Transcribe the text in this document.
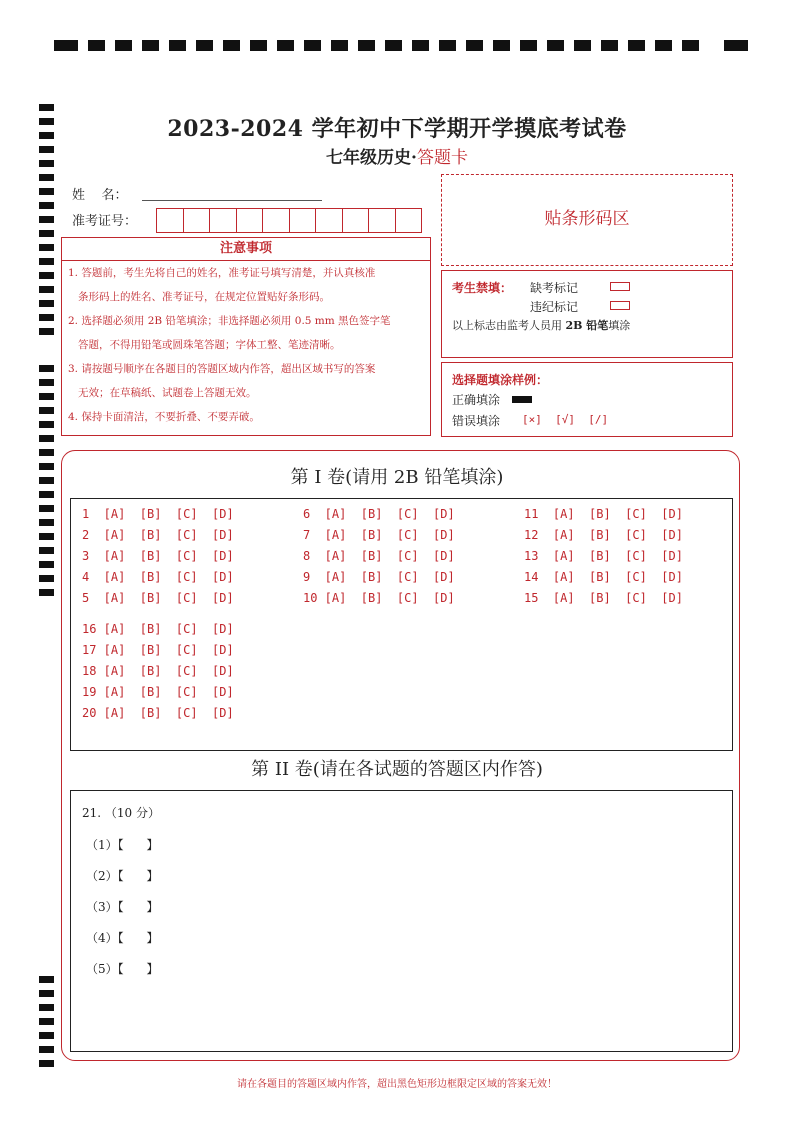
2023-2024 学年初中下学期开学摸底考试卷
七年级历史·答题卡
姓    名：
准考证号：
注意事项
1. 答题前，考生先将自己的姓名，准考证号填写清楚，并认真核准
条形码上的姓名、准考证号，在规定位置贴好条形码。
2. 选择题必须用 2B 铅笔填涂；非选择题必须用 0.5 mm 黑色签字笔
答题，不得用铅笔或圆珠笔答题；字体工整、笔迹清晰。
3. 请按题号顺序在各题目的答题区域内作答，超出区域书写的答案
无效；在草稿纸、试题卷上答题无效。
4. 保持卡面清洁，不要折叠、不要弄破。
贴条形码区
考生禁填： 缺考标记
违纪标记
以上标志由监考人员用 2B 铅笔填涂
选择题填涂样例：
正确填涂
错误填涂 [×]  [√]  [/]
第 I 卷(请用 2B 铅笔填涂)
1  [A]  [B]  [C]  [D]
2  [A]  [B]  [C]  [D]
3  [A]  [B]  [C]  [D]
4  [A]  [B]  [C]  [D]
5  [A]  [B]  [C]  [D]
6  [A]  [B]  [C]  [D]
7  [A]  [B]  [C]  [D]
8  [A]  [B]  [C]  [D]
9  [A]  [B]  [C]  [D]
10 [A]  [B]  [C]  [D]
11  [A]  [B]  [C]  [D]
12  [A]  [B]  [C]  [D]
13  [A]  [B]  [C]  [D]
14  [A]  [B]  [C]  [D]
15  [A]  [B]  [C]  [D]
16 [A]  [B]  [C]  [D]
17 [A]  [B]  [C]  [D]
18 [A]  [B]  [C]  [D]
19 [A]  [B]  [C]  [D]
20 [A]  [B]  [C]  [D]
第 II 卷(请在各试题的答题区内作答)
21. （10 分）
（1）【      】
（2）【      】
（3）【      】
（4）【      】
（5）【      】
请在各题目的答题区域内作答，超出黑色矩形边框限定区域的答案无效！
